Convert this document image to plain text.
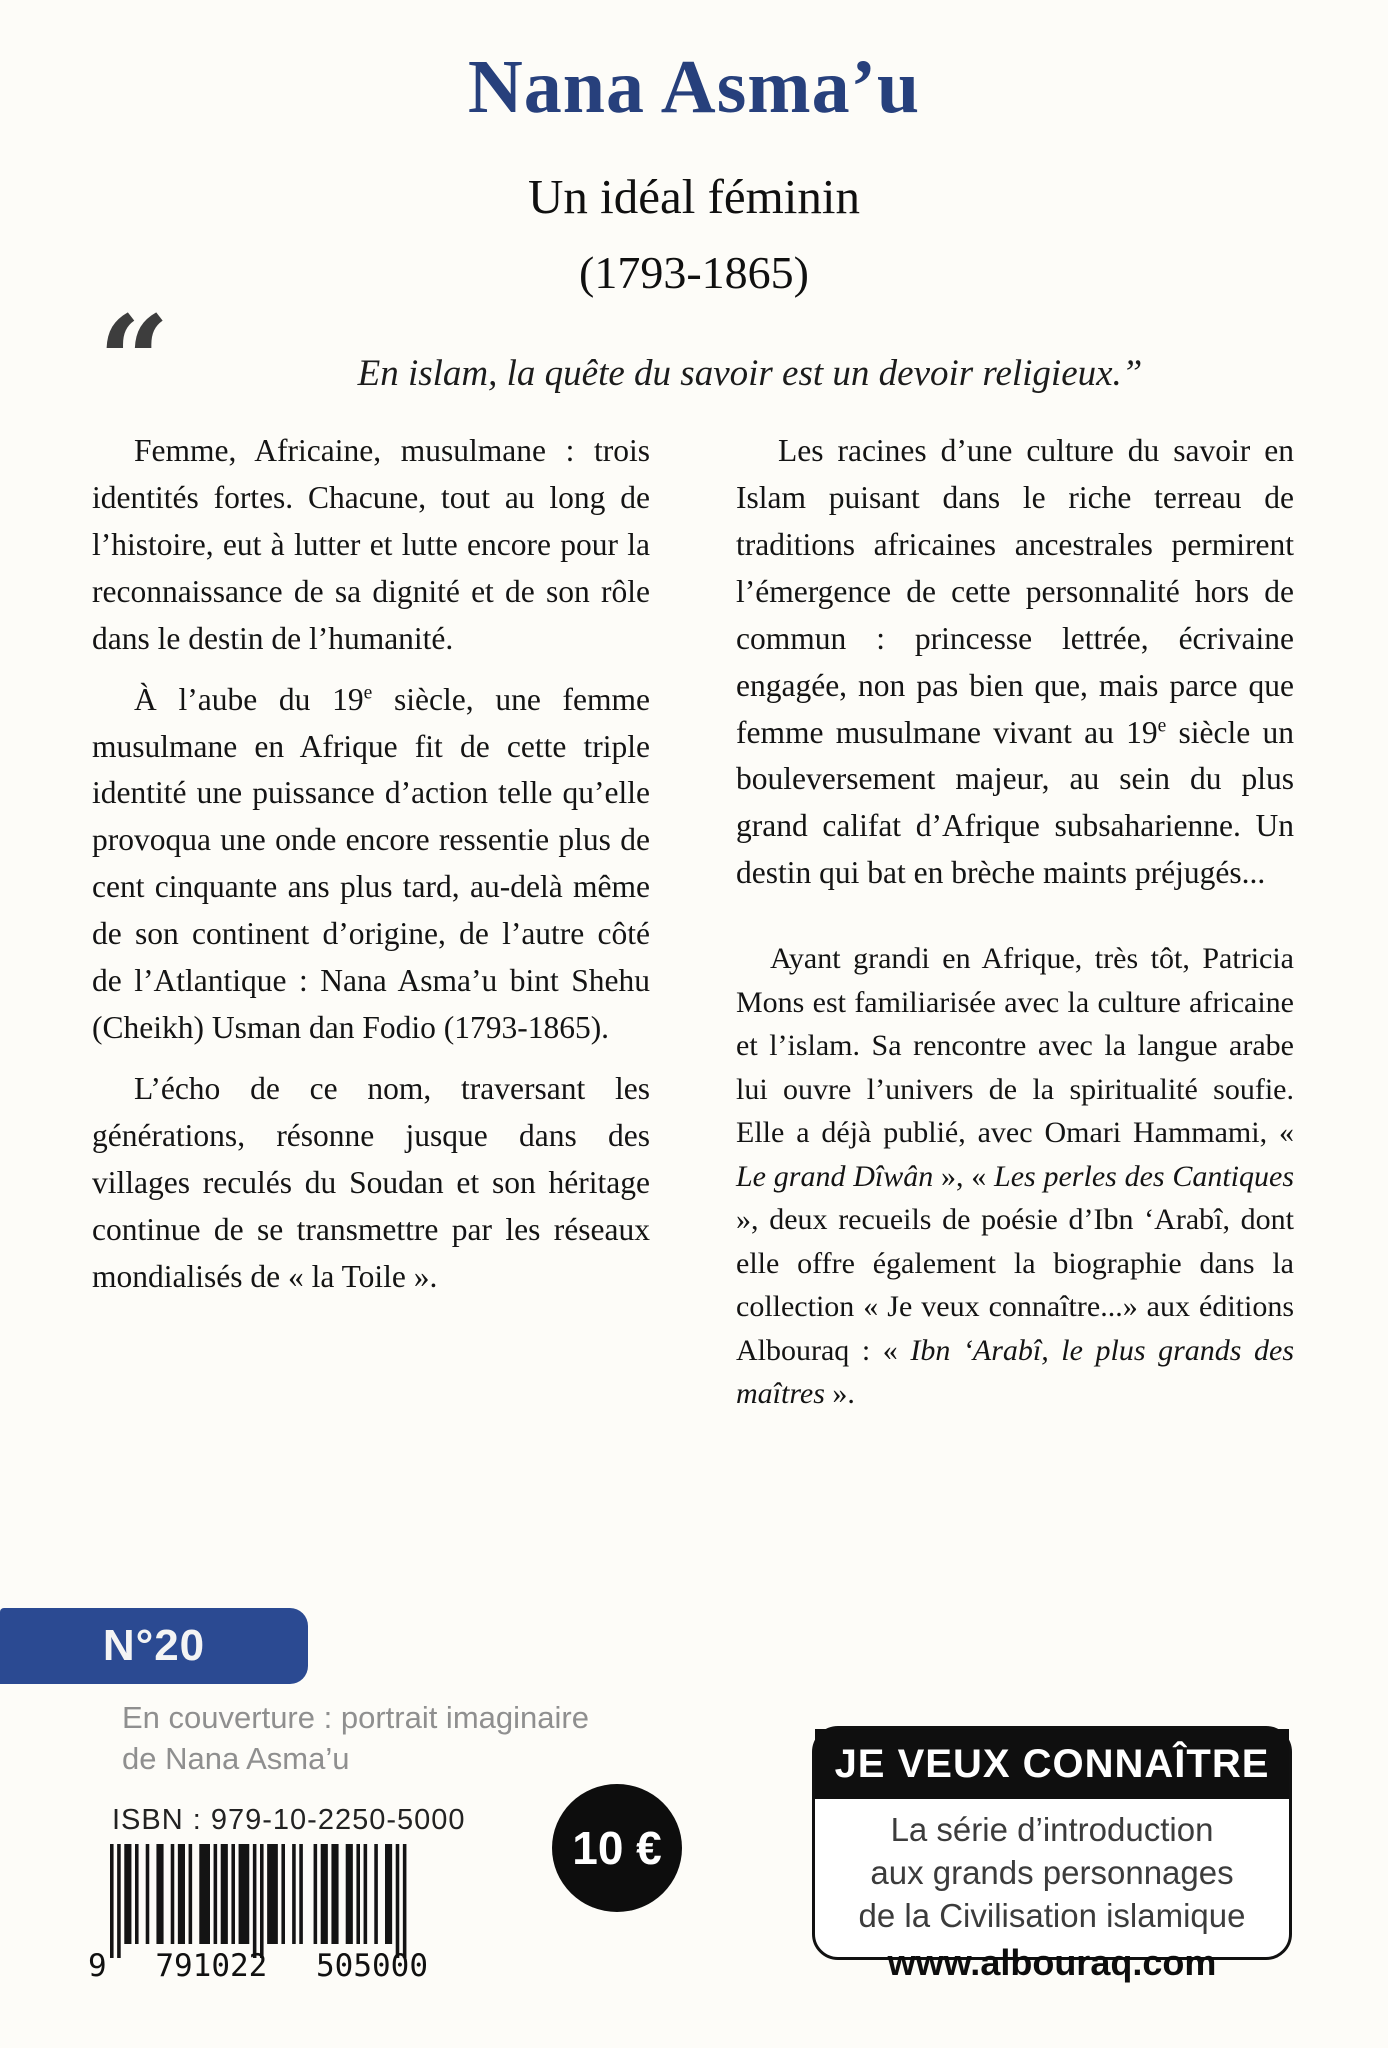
Nana Asma’u
Un idéal féminin
(1793-1865)
“	En islam, la quête du savoir est un devoir religieux.”

Femme, Africaine, musulmane : trois identités fortes. Chacune, tout au long de l’histoire, eut à lutter et lutte encore pour la reconnaissance de sa dignité et de son rôle dans le destin de l’humanité.

À l’aube du 19e siècle, une femme musulmane en Afrique fit de cette triple identité une puissance d’action telle qu’elle provoqua une onde encore ressentie plus de cent cinquante ans plus tard, au-delà même de son continent d’origine, de l’autre côté de l’Atlantique : Nana Asma’u bint Shehu (Cheikh) Usman dan Fodio (1793-1865).

L’écho de ce nom, traversant les générations, résonne jusque dans des villages reculés du Soudan et son héritage continue de se transmettre par les réseaux mondialisés de « la Toile ».

Les racines d’une culture du savoir en Islam puisant dans le riche terreau de traditions africaines ancestrales permirent l’émergence de cette personnalité hors de commun : princesse lettrée, écrivaine engagée, non pas bien que, mais parce que femme musulmane vivant au 19e siècle un bouleversement majeur, au sein du plus grand califat d’Afrique subsaharienne. Un destin qui bat en brèche maints préjugés...

Ayant grandi en Afrique, très tôt, Patricia Mons est familiarisée avec la culture africaine et l’islam. Sa rencontre avec la langue arabe lui ouvre l’univers de la spiritualité soufie. Elle a déjà publié, avec Omari Hammami, « Le grand Dîwân », « Les perles des Cantiques », deux recueils de poésie d’Ibn ‘Arabî, dont elle offre également la biographie dans la collection « Je veux connaître...» aux éditions Albouraq : « Ibn ‘Arabî, le plus grands des maîtres ».

N°20
En couverture : portrait imaginaire
de Nana Asma’u
ISBN : 979-10-2250-5000
9 791022 505000
10 €
JE VEUX CONNAÎTRE
La série d’introduction
aux grands personnages
de la Civilisation islamique
www.albouraq.com
